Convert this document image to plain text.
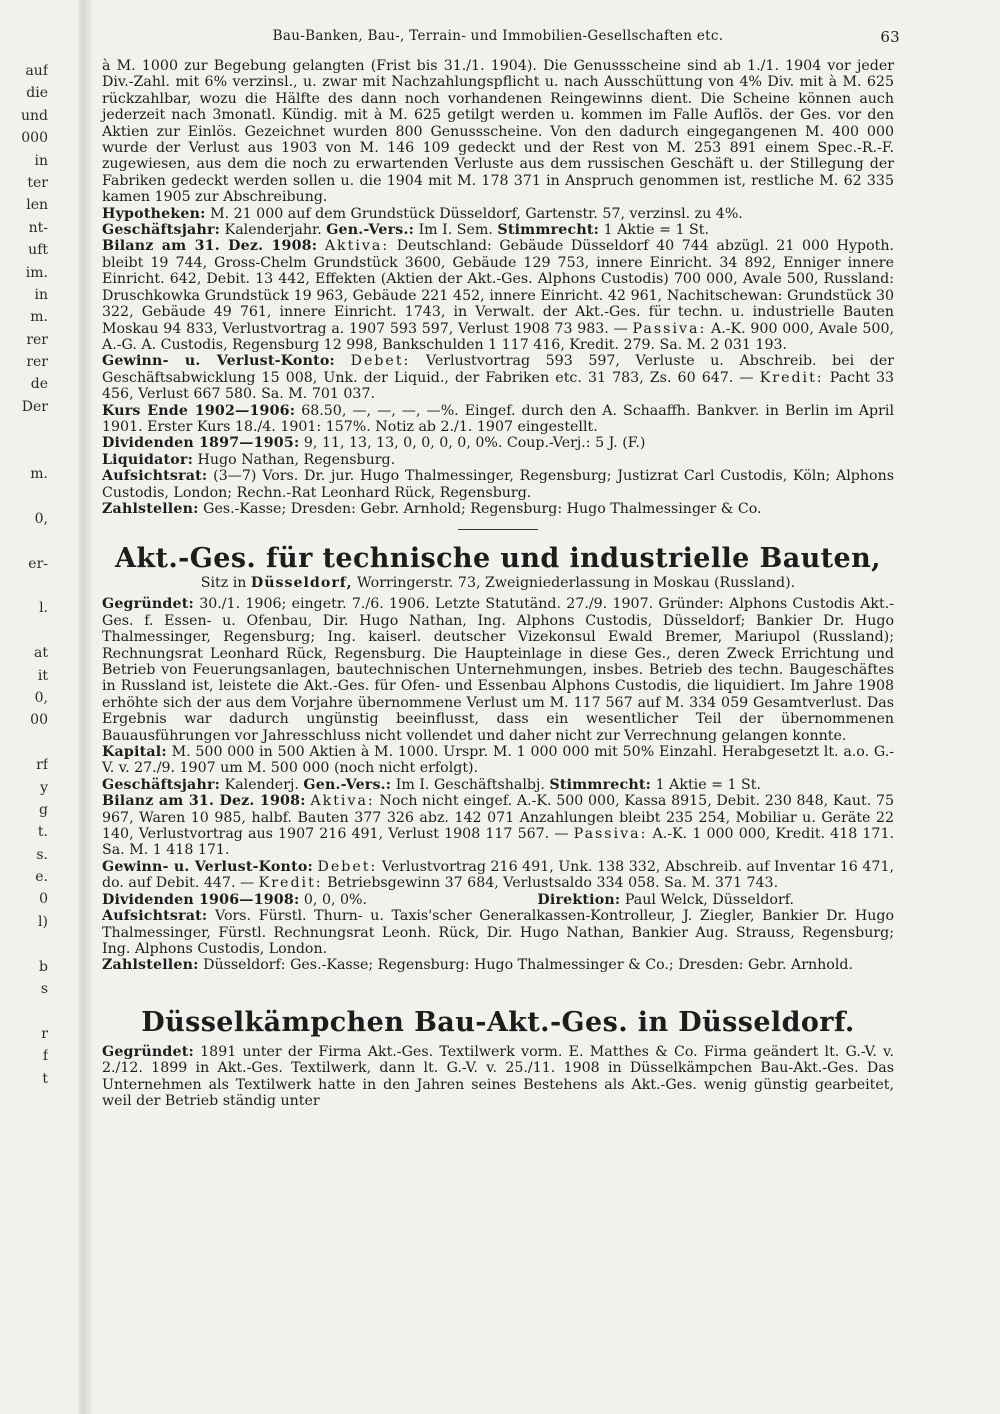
auf
die
und
000
in
ter
len
nt-
uft
im.
in
m.
rer
rer
de
Der
m.
0,
er-
l.
at
it
0,
00
rf
y
g
t.
s.
e.
0
l)
b
s
r
f
t
Bau-Banken, Bau-, Terrain- und Immobilien-Gesellschaften etc.	63

à M. 1000 zur Begebung gelangten (Frist bis 31./1. 1904). Die Genussscheine sind ab 1./1. 1904 vor jeder Div.-Zahl. mit 6% verzinsl., u. zwar mit Nachzahlungspflicht u. nach Ausschüttung von 4% Div. mit à M. 625 rückzahlbar, wozu die Hälfte des dann noch vorhandenen Reingewinns dient. Die Scheine können auch jederzeit nach 3monatl. Kündig. mit à M. 625 getilgt werden u. kommen im Falle Auflös. der Ges. vor den Aktien zur Einlös. Gezeichnet wurden 800 Genussscheine. Von den dadurch eingegangenen M. 400 000 wurde der Verlust aus 1903 von M. 146 109 gedeckt und der Rest von M. 253 891 einem Spec.-R.-F. zugewiesen, aus dem die noch zu erwartenden Verluste aus dem russischen Geschäft u. der Stillegung der Fabriken gedeckt werden sollen u. die 1904 mit M. 178 371 in Anspruch genommen ist, restliche M. 62 335 kamen 1905 zur Abschreibung.

Hypotheken: M. 21 000 auf dem Grundstück Düsseldorf, Gartenstr. 57, verzinsl. zu 4%.

Geschäftsjahr: Kalenderjahr. Gen.-Vers.: Im I. Sem. Stimmrecht: 1 Aktie = 1 St.

Bilanz am 31. Dez. 1908: Aktiva: Deutschland: Gebäude Düsseldorf 40 744 abzügl. 21 000 Hypoth. bleibt 19 744, Gross-Chelm Grundstück 3600, Gebäude 129 753, innere Einricht. 34 892, Enniger innere Einricht. 642, Debit. 13 442, Effekten (Aktien der Akt.-Ges. Alphons Custodis) 700 000, Avale 500, Russland: Druschkowka Grundstück 19 963, Gebäude 221 452, innere Einricht. 42 961, Nachitschewan: Grundstück 30 322, Gebäude 49 761, innere Einricht. 1743, in Verwalt. der Akt.-Ges. für techn. u. industrielle Bauten Moskau 94 833, Verlustvortrag a. 1907 593 597, Verlust 1908 73 983. — Passiva: A.-K. 900 000, Avale 500, A.-G. A. Custodis, Regensburg 12 998, Bankschulden 1 117 416, Kredit. 279. Sa. M. 2 031 193.

Gewinn- u. Verlust-Konto: Debet: Verlustvortrag 593 597, Verluste u. Abschreib. bei der Geschäftsabwicklung 15 008, Unk. der Liquid., der Fabriken etc. 31 783, Zs. 60 647. — Kredit: Pacht 33 456, Verlust 667 580. Sa. M. 701 037.

Kurs Ende 1902—1906: 68.50, —, —, —, —%. Eingef. durch den A. Schaaffh. Bankver. in Berlin im April 1901. Erster Kurs 18./4. 1901: 157%. Notiz ab 2./1. 1907 eingestellt.

Dividenden 1897—1905: 9, 11, 13, 13, 0, 0, 0, 0, 0%. Coup.-Verj.: 5 J. (F.)

Liquidator: Hugo Nathan, Regensburg.

Aufsichtsrat: (3—7) Vors. Dr. jur. Hugo Thalmessinger, Regensburg; Justizrat Carl Custodis, Köln; Alphons Custodis, London; Rechn.-Rat Leonhard Rück, Regensburg.

Zahlstellen: Ges.-Kasse; Dresden: Gebr. Arnhold; Regensburg: Hugo Thalmessinger & Co.

Akt.-Ges. für technische und industrielle Bauten,
Sitz in Düsseldorf, Worringerstr. 73, Zweigniederlassung in Moskau (Russland).

Gegründet: 30./1. 1906; eingetr. 7./6. 1906. Letzte Statutänd. 27./9. 1907. Gründer: Alphons Custodis Akt.-Ges. f. Essen- u. Ofenbau, Dir. Hugo Nathan, Ing. Alphons Custodis, Düsseldorf; Bankier Dr. Hugo Thalmessinger, Regensburg; Ing. kaiserl. deutscher Vizekonsul Ewald Bremer, Mariupol (Russland); Rechnungsrat Leonhard Rück, Regensburg. Die Haupteinlage in diese Ges., deren Zweck Errichtung und Betrieb von Feuerungsanlagen, bautechnischen Unternehmungen, insbes. Betrieb des techn. Baugeschäftes in Russland ist, leistete die Akt.-Ges. für Ofen- und Essenbau Alphons Custodis, die liquidiert. Im Jahre 1908 erhöhte sich der aus dem Vorjahre übernommene Verlust um M. 117 567 auf M. 334 059 Gesamtverlust. Das Ergebnis war dadurch ungünstig beeinflusst, dass ein wesentlicher Teil der übernommenen Bauausführungen vor Jahresschluss nicht vollendet und daher nicht zur Verrechnung gelangen konnte.

Kapital: M. 500 000 in 500 Aktien à M. 1000. Urspr. M. 1 000 000 mit 50% Einzahl. Herabgesetzt lt. a.o. G.-V. v. 27./9. 1907 um M. 500 000 (noch nicht erfolgt).

Geschäftsjahr: Kalenderj. Gen.-Vers.: Im I. Geschäftshalbj. Stimmrecht: 1 Aktie = 1 St.

Bilanz am 31. Dez. 1908: Aktiva: Noch nicht eingef. A.-K. 500 000, Kassa 8915, Debit. 230 848, Kaut. 75 967, Waren 10 985, halbf. Bauten 377 326 abz. 142 071 Anzahlungen bleibt 235 254, Mobiliar u. Geräte 22 140, Verlustvortrag aus 1907 216 491, Verlust 1908 117 567. — Passiva: A.-K. 1 000 000, Kredit. 418 171. Sa. M. 1 418 171.

Gewinn- u. Verlust-Konto: Debet: Verlustvortrag 216 491, Unk. 138 332, Abschreib. auf Inventar 16 471, do. auf Debit. 447. — Kredit: Betriebsgewinn 37 684, Verlustsaldo 334 058. Sa. M. 371 743.

Dividenden 1906—1908: 0, 0, 0%.	Direktion: Paul Welck, Düsseldorf.

Aufsichtsrat: Vors. Fürstl. Thurn- u. Taxis'scher Generalkassen-Kontrolleur, J. Ziegler, Bankier Dr. Hugo Thalmessinger, Fürstl. Rechnungsrat Leonh. Rück, Dir. Hugo Nathan, Bankier Aug. Strauss, Regensburg; Ing. Alphons Custodis, London.

Zahlstellen: Düsseldorf: Ges.-Kasse; Regensburg: Hugo Thalmessinger & Co.; Dresden: Gebr. Arnhold.

Düsselkämpchen Bau-Akt.-Ges. in Düsseldorf.

Gegründet: 1891 unter der Firma Akt.-Ges. Textilwerk vorm. E. Matthes & Co. Firma geändert lt. G.-V. v. 2./12. 1899 in Akt.-Ges. Textilwerk, dann lt. G.-V. v. 25./11. 1908 in Düsselkämpchen Bau-Akt.-Ges. Das Unternehmen als Textilwerk hatte in den Jahren seines Bestehens als Akt.-Ges. wenig günstig gearbeitet, weil der Betrieb ständig unter
